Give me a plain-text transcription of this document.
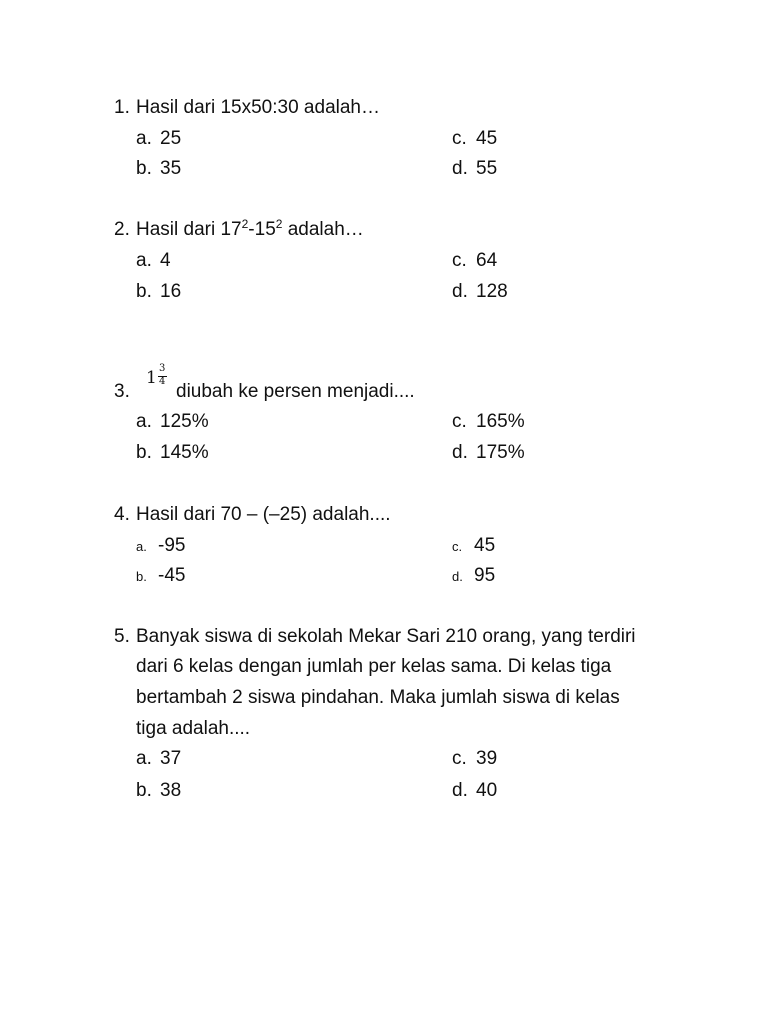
1. Hasil dari 15x50:30 adalah…
a. 25	c. 45
b. 35	d. 55
2. Hasil dari $17^2-15^2$ adalah…
a. 4	c. 64
b. 16	d. 128
1 3
4
3. diubah ke persen menjadi....
a. 125%	c. 165%
b. 145%	d. 175%
4. Hasil dari 70 – (–25) adalah....
a. -95	c. 45
b. -45	d. 95
5. Banyak siswa di sekolah Mekar Sari 210 orang, yang terdiri
dari 6 kelas dengan jumlah per kelas sama. Di kelas tiga
bertambah 2 siswa pindahan. Maka jumlah siswa di kelas
tiga adalah....
a. 37	c. 39
b. 38	d. 40
